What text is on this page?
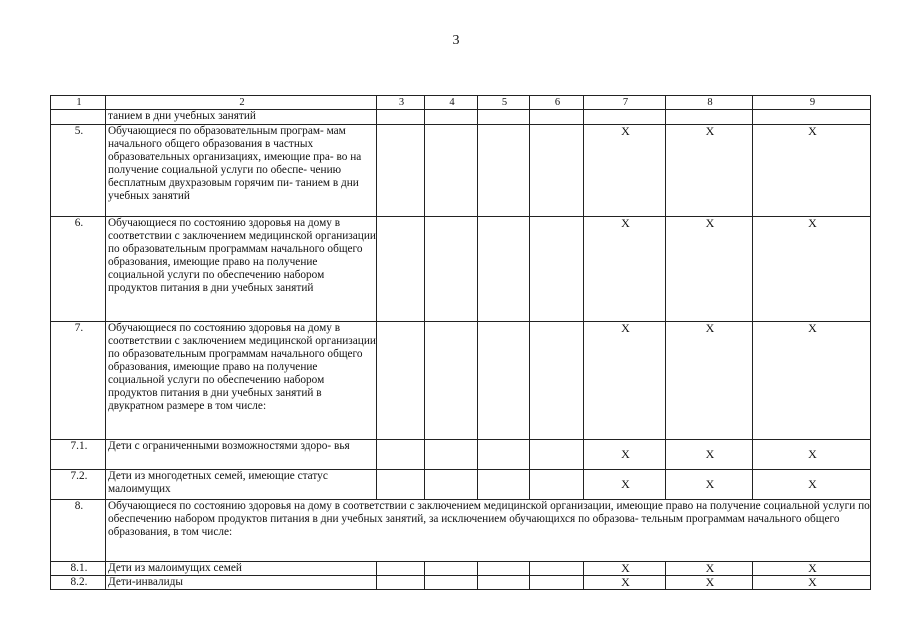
3
1	2	3	4	5	6	7	8	9

	танием в дни учебных занятий							

5.	Обучающиеся по образовательным програм- мам начального общего образования в частных образовательных организациях, имеющие пра- во на получение социальной услуги по обеспе- чению бесплатным двухразовым горячим пи- танием в дни учебных занятий					X	X	X
6.	Обучающиеся по состоянию здоровья на дому в соответствии с заключением медицинской организации по образовательным программам начального общего образования, имеющие право на получение социальной услуги по обеспечению набором продуктов питания в дни учебных занятий					X	X	X
7.	Обучающиеся по состоянию здоровья на дому в соответствии с заключением медицинской организации по образовательным программам начального общего образования, имеющие право на получение социальной услуги по обеспечению набором продуктов питания в дни учебных занятий в двукратном размере в том числе:					X	X	X
7.1.	Дети с ограниченными возможностями здоро- вья					X	X	X
7.2.	Дети из многодетных семей, имеющие статус малоимущих					X	X	X
8.	Обучающиеся по состоянию здоровья на дому в соответствии с заключением медицинской организации, имеющие право на получение социальной услуги по обеспечению набором продуктов питания в дни учебных занятий, за исключением обучающихся по образова- тельным программам начального общего образования, в том числе:							
8.1.	Дети из малоимущих семей					X	X	X
8.2.	Дети-инвалиды					X	X	X
